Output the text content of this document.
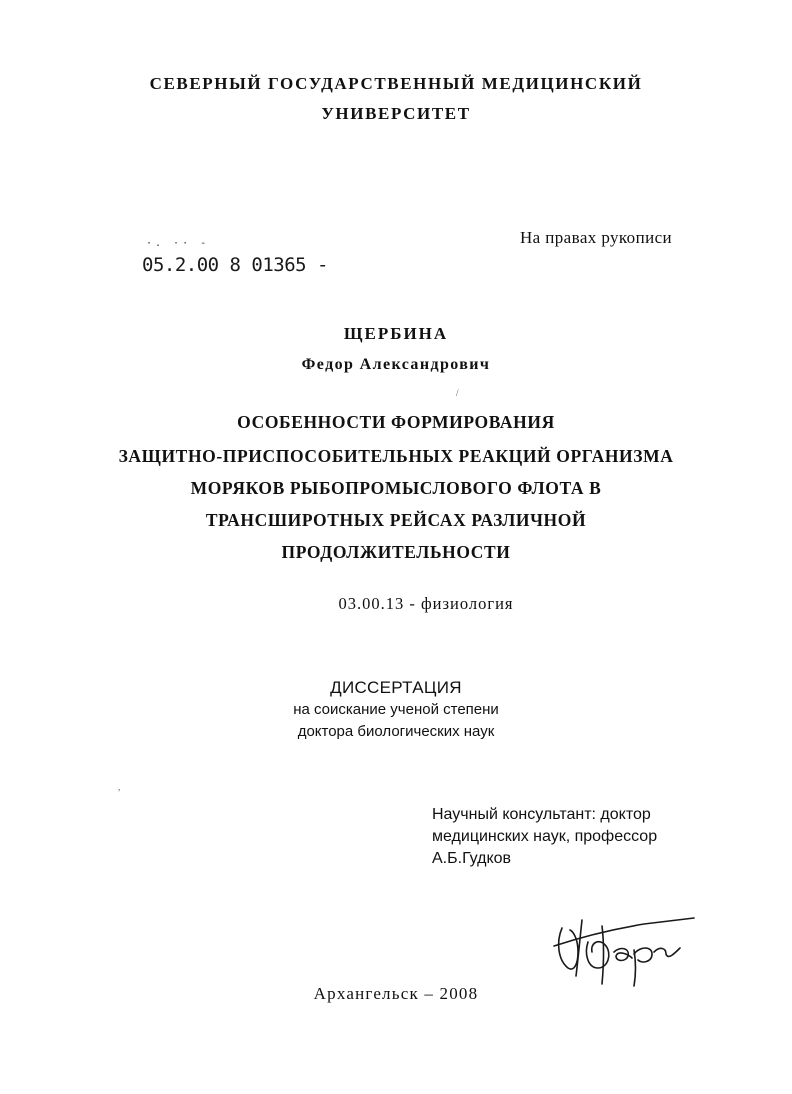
СЕВЕРНЫЙ ГОСУДАРСТВЕННЫЙ МЕДИЦИНСКИЙ
УНИВЕРСИТЕТ
На правах рукописи
·. ·· -
05.2.00 8 01365 -
ЩЕРБИНА
Федор Александрович
/
ОСОБЕННОСТИ ФОРМИРОВАНИЯ
ЗАЩИТНО-ПРИСПОСОБИТЕЛЬНЫХ РЕАКЦИЙ ОРГАНИЗМА
МОРЯКОВ РЫБОПРОМЫСЛОВОГО ФЛОТА В
ТРАНСШИРОТНЫХ РЕЙСАХ РАЗЛИЧНОЙ
ПРОДОЛЖИТЕЛЬНОСТИ
03.00.13 - физиология
ДИССЕРТАЦИЯ
на соискание ученой степени
доктора биологических наук
,
Научный консультант: доктор
медицинских наук, профессор
А.Б.Гудков
Архангельск – 2008
